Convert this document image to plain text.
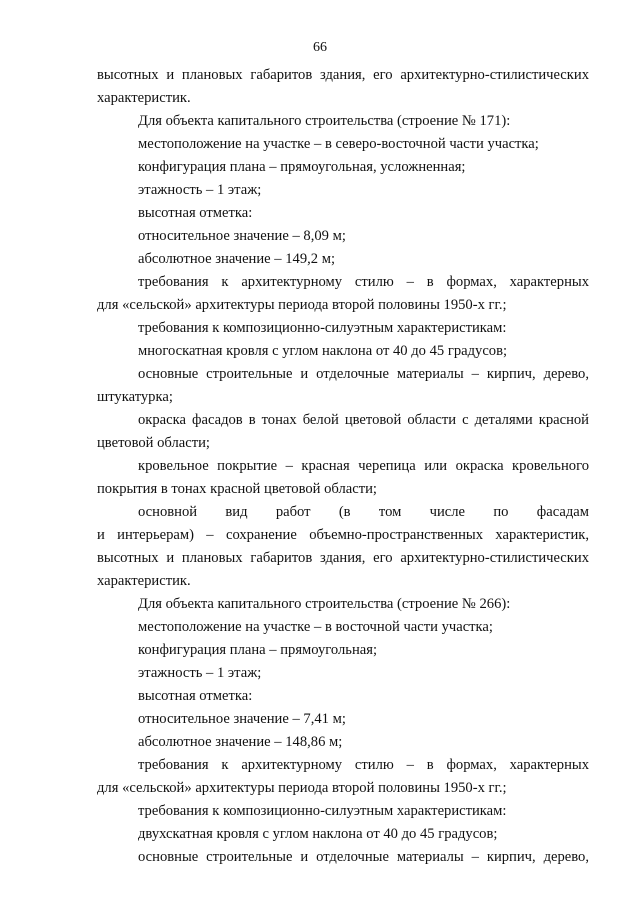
66
высотных и плановых габаритов здания, его архитектурно-стилистических
характеристик.
Для объекта капитального строительства (строение № 171):
местоположение на участке – в северо-восточной части участка;
конфигурация плана – прямоугольная, усложненная;
этажность – 1 этаж;
высотная отметка:
относительное значение – 8,09 м;
абсолютное значение – 149,2 м;
требования к архитектурному стилю – в формах, характерных
для «сельской» архитектуры периода второй половины 1950-х гг.;
требования к композиционно-силуэтным характеристикам:
многоскатная кровля с углом наклона от 40 до 45 градусов;
основные строительные и отделочные материалы – кирпич, дерево,
штукатурка;
окраска фасадов в тонах белой цветовой области с деталями красной
цветовой области;
кровельное покрытие – красная черепица или окраска кровельного
покрытия в тонах красной цветовой области;
основной вид работ (в том числе по фасадам
и интерьерам) – сохранение объемно-пространственных характеристик,
высотных и плановых габаритов здания, его архитектурно-стилистических
характеристик.
Для объекта капитального строительства (строение № 266):
местоположение на участке – в восточной части участка;
конфигурация плана – прямоугольная;
этажность – 1 этаж;
высотная отметка:
относительное значение – 7,41 м;
абсолютное значение – 148,86 м;
требования к архитектурному стилю – в формах, характерных
для «сельской» архитектуры периода второй половины 1950-х гг.;
требования к композиционно-силуэтным характеристикам:
двухскатная кровля с углом наклона от 40 до 45 градусов;
основные строительные и отделочные материалы – кирпич, дерево,
